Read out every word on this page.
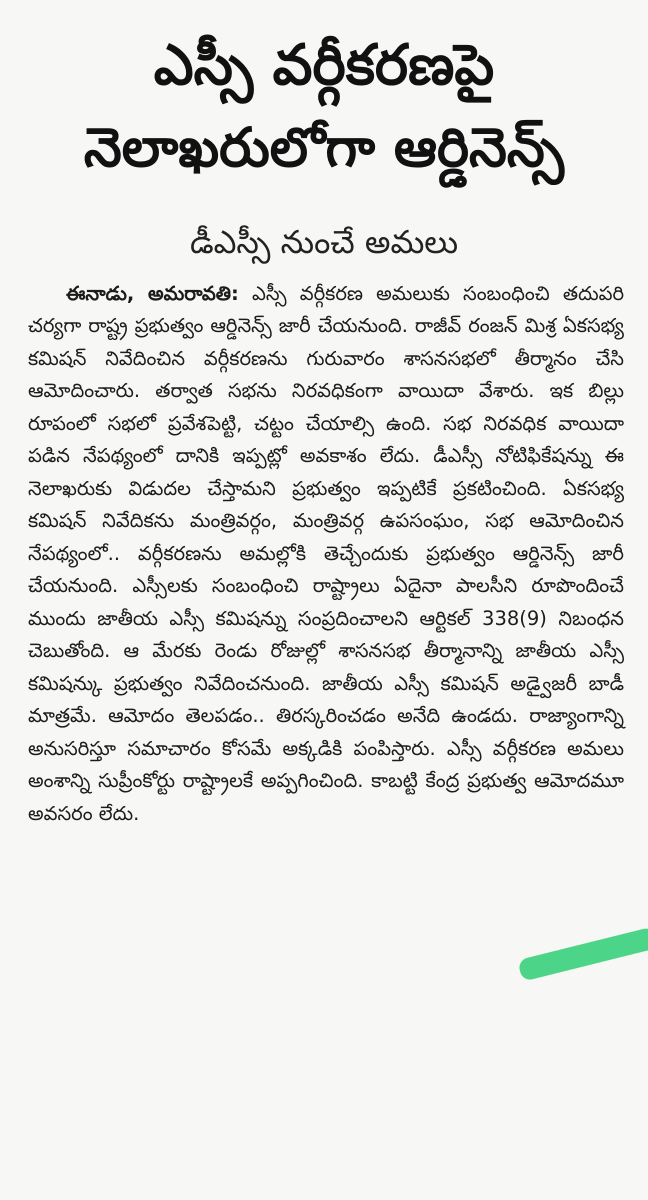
ఎస్సీ వర్గీకరణపై
నెలాఖరులోగా ఆర్డినెన్స్
డీఎస్సీ నుంచే అమలు

ఈనాడు, అమరావతి: ఎస్సీ వర్గీకరణ అమలుకు సంబంధించి తదుపరి చర్యగా రాష్ట్ర ప్రభుత్వం ఆర్డినెన్స్ జారీ చేయనుంది. రాజీవ్ రంజన్ మిశ్ర ఏకసభ్య కమిషన్ నివేదించిన వర్గీకరణను గురువారం శాసనసభలో తీర్మానం చేసి ఆమోదించారు. తర్వాత సభను నిరవధికంగా వాయిదా వేశారు. ఇక బిల్లు రూపంలో సభలో ప్రవేశపెట్టి, చట్టం చేయాల్సి ఉంది. సభ నిరవధిక వాయిదా పడిన నేపథ్యంలో దానికి ఇప్పట్లో అవకాశం లేదు. డీఎస్సీ నోటిఫికేషన్ను ఈ నెలాఖరుకు విడుదల చేస్తామని ప్రభుత్వం ఇప్పటికే ప్రకటించింది. ఏకసభ్య కమిషన్ నివేదికను మంత్రివర్గం, మంత్రివర్గ ఉపసంఘం, సభ ఆమోదించిన నేపథ్యంలో.. వర్గీకరణను అమల్లోకి తెచ్చేందుకు ప్రభుత్వం ఆర్డినెన్స్ జారీ చేయనుంది. ఎస్సీలకు సంబంధించి రాష్ట్రాలు ఏదైనా పాలసీని రూపొందించే ముందు జాతీయ ఎస్సీ కమిషన్ను సంప్రదించాలని ఆర్టికల్ 338(9) నిబంధన చెబుతోంది. ఆ మేరకు రెండు రోజుల్లో శాసనసభ తీర్మానాన్ని జాతీయ ఎస్సీ కమిషన్కు ప్రభుత్వం నివేదించనుంది. జాతీయ ఎస్సీ కమిషన్ అడ్వైజరీ బాడీ మాత్రమే. ఆమోదం తెలపడం.. తిరస్కరించడం అనేది ఉండదు. రాజ్యాంగాన్ని అనుసరిస్తూ సమాచారం కోసమే అక్కడికి పంపిస్తారు. ఎస్సీ వర్గీకరణ అమలు అంశాన్ని సుప్రీంకోర్టు రాష్ట్రాలకే అప్పగించింది. కాబట్టి కేంద్ర ప్రభుత్వ ఆమోదమూ అవసరం లేదు.
